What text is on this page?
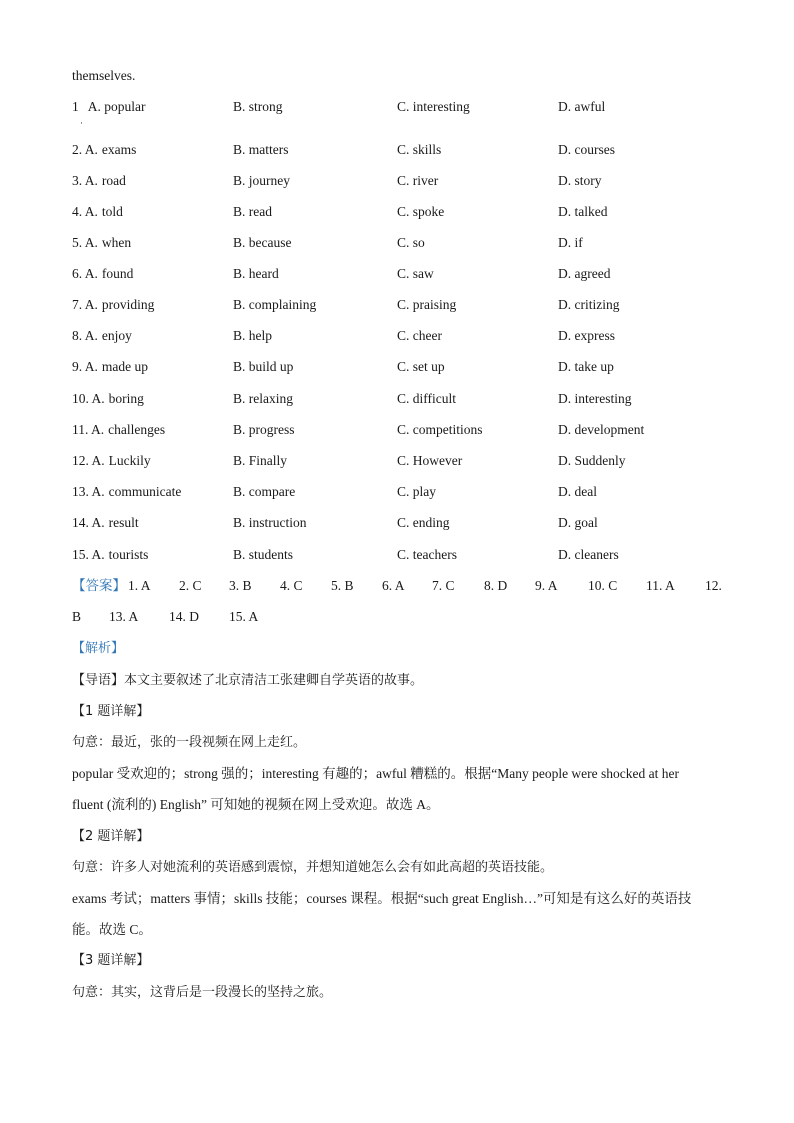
themselves.
1 A. popular	B. strong	C. interesting	D. awful
2. A. exams	B. matters	C. skills	D. courses
3. A. road	B. journey	C. river	D. story
4. A. told	B. read	C. spoke	D. talked
5. A. when	B. because	C. so	D. if
6. A. found	B. heard	C. saw	D. agreed
7. A. providing	B. complaining	C. praising	D. critizing
8. A. enjoy	B. help	C. cheer	D. express
9. A. made up	B. build up	C. set up	D. take up
10. A. boring	B. relaxing	C. difficult	D. interesting
11. A. challenges	B. progress	C. competitions	D. development
12. A. Luckily	B. Finally	C. However	D. Suddenly
13. A. communicate	B. compare	C. play	D. deal
14. A. result	B. instruction	C. ending	D. goal
15. A. tourists	B. students	C. teachers	D. cleaners
·
【答案】 1. A 2. C 3. B 4. C 5. B 6. A 7. C 8. D 9. A 10. C 11. A 12.
B 13. A 14. D 15. A
【解析】
【导语】本文主要叙述了北京清洁工张建卿自学英语的故事。
【1 题详解】
句意：最近，张的一段视频在网上走红。
popular 受欢迎的；strong 强的；interesting 有趣的；awful 糟糕的。根据“Many people were shocked at her
fluent (流利的) English” 可知她的视频在网上受欢迎。故选 A。
【2 题详解】
句意：许多人对她流利的英语感到震惊，并想知道她怎么会有如此高超的英语技能。
exams 考试；matters 事情；skills 技能；courses 课程。根据“such great English…”可知是有这么好的英语技
能。故选 C。
【3 题详解】
句意：其实，这背后是一段漫长的坚持之旅。
